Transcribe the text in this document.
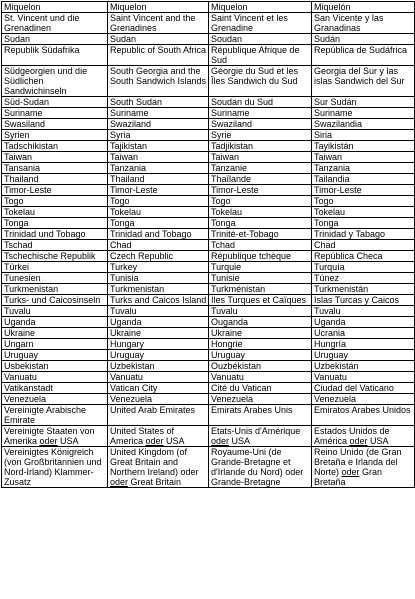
Miquelon	Miquelon	Miquelon	Miquelón
St. Vincent und die Grenadinen	Saint Vincent and the Grenadines	Saint Vincent et les Grenadine	San Vicente y las Granadinas
Sudan	Sudan	Soudan	Sudán
Republik Südafrika	Republic of South Africa	République Afrique de Sud	República de Sudáfrica
Südgeorgien und die Südlichen Sandwichinseln	South Georgia and the South Sandwich Islands	Géorgie du Sud et les Îles Sandwich du Sud	Georgia del Sur y las islas Sandwich del Sur
Süd-Sudan	South Sudan	Soudan du Sud	Sur Sudán
Suriname	Suriname	Suriname	Suriname
Swasiland	Swaziland	Swaziland	Swazilandia
Syrien	Syria	Syrie	Siria
Tadschikistan	Tajikistan	Tadjikistan	Tayikistán
Taiwan	Taiwan	Taiwan	Taiwan
Tansania	Tanzania	Tanzanie	Tanzania
Thailand	Thailand	Thaïlande	Tailandia
Timor-Leste	Timor-Leste	Timor-Leste	Timor-Leste
Togo	Togo	Togo	Togo
Tokelau	Tokelau	Tokelau	Tokelau
Tonga	Tonga	Tonga	Tonga
Trinidad und Tobago	Trinidad and Tobago	Trinité-et-Tobago	Trinidad y Tabago
Tschad	Chad	Tchad	Chad
Tschechische Republik	Czech Republic	République tchèque	República Checa
Türkei	Turkey	Turquie	Turquía
Tunesien	Tunisia	Tunisie	Túnez
Turkmenistan	Turkmenistan	Turkménistan	Turkmenistán
Turks- und Caicosinseln	Turks and Caicos Island	Iles Turques et Caïques	Islas Turcas y Caicos
Tuvalu	Tuvalu	Tuvalu	Tuvalu
Uganda	Uganda	Ouganda	Uganda
Ukraine	Ukraine	Ukraine	Ucrania
Ungarn	Hungary	Hongrie	Hungría
Uruguay	Uruguay	Uruguay	Uruguay
Usbekistan	Uzbekistan	Ouzbékistan	Uzbekistán
Vanuatu	Vanuatu	Vanuatu	Vanuatu
Vatikanstadt	Vatican City	Cité du Vatican	Ciudad del Vaticano
Venezuela	Venezuela	Venezuela	Venezuela
Vereinigte Arabische Emirate	United Arab Emirates	Emirats Arabes Unis	Emiratos Arabes Unidos
Vereinigte Staaten von Amerika oder USA	United States of America oder USA	Etats-Unis d'Amérique oder USA	Estados Unidos de América oder USA
Vereinigtes Königreich (von Großbritannien und Nord-Irland) Klammer-Zusatz	United Kingdom (of Great Britain and Northern Ireland) oder oder Great Britain	Royaume-Uni (de Grande-Bretagne et d'Irlande du Nord) oder Grande-Bretagne	Reino Unido (de Gran Bretaña e Irlanda del Norte) oder Gran Bretaña
